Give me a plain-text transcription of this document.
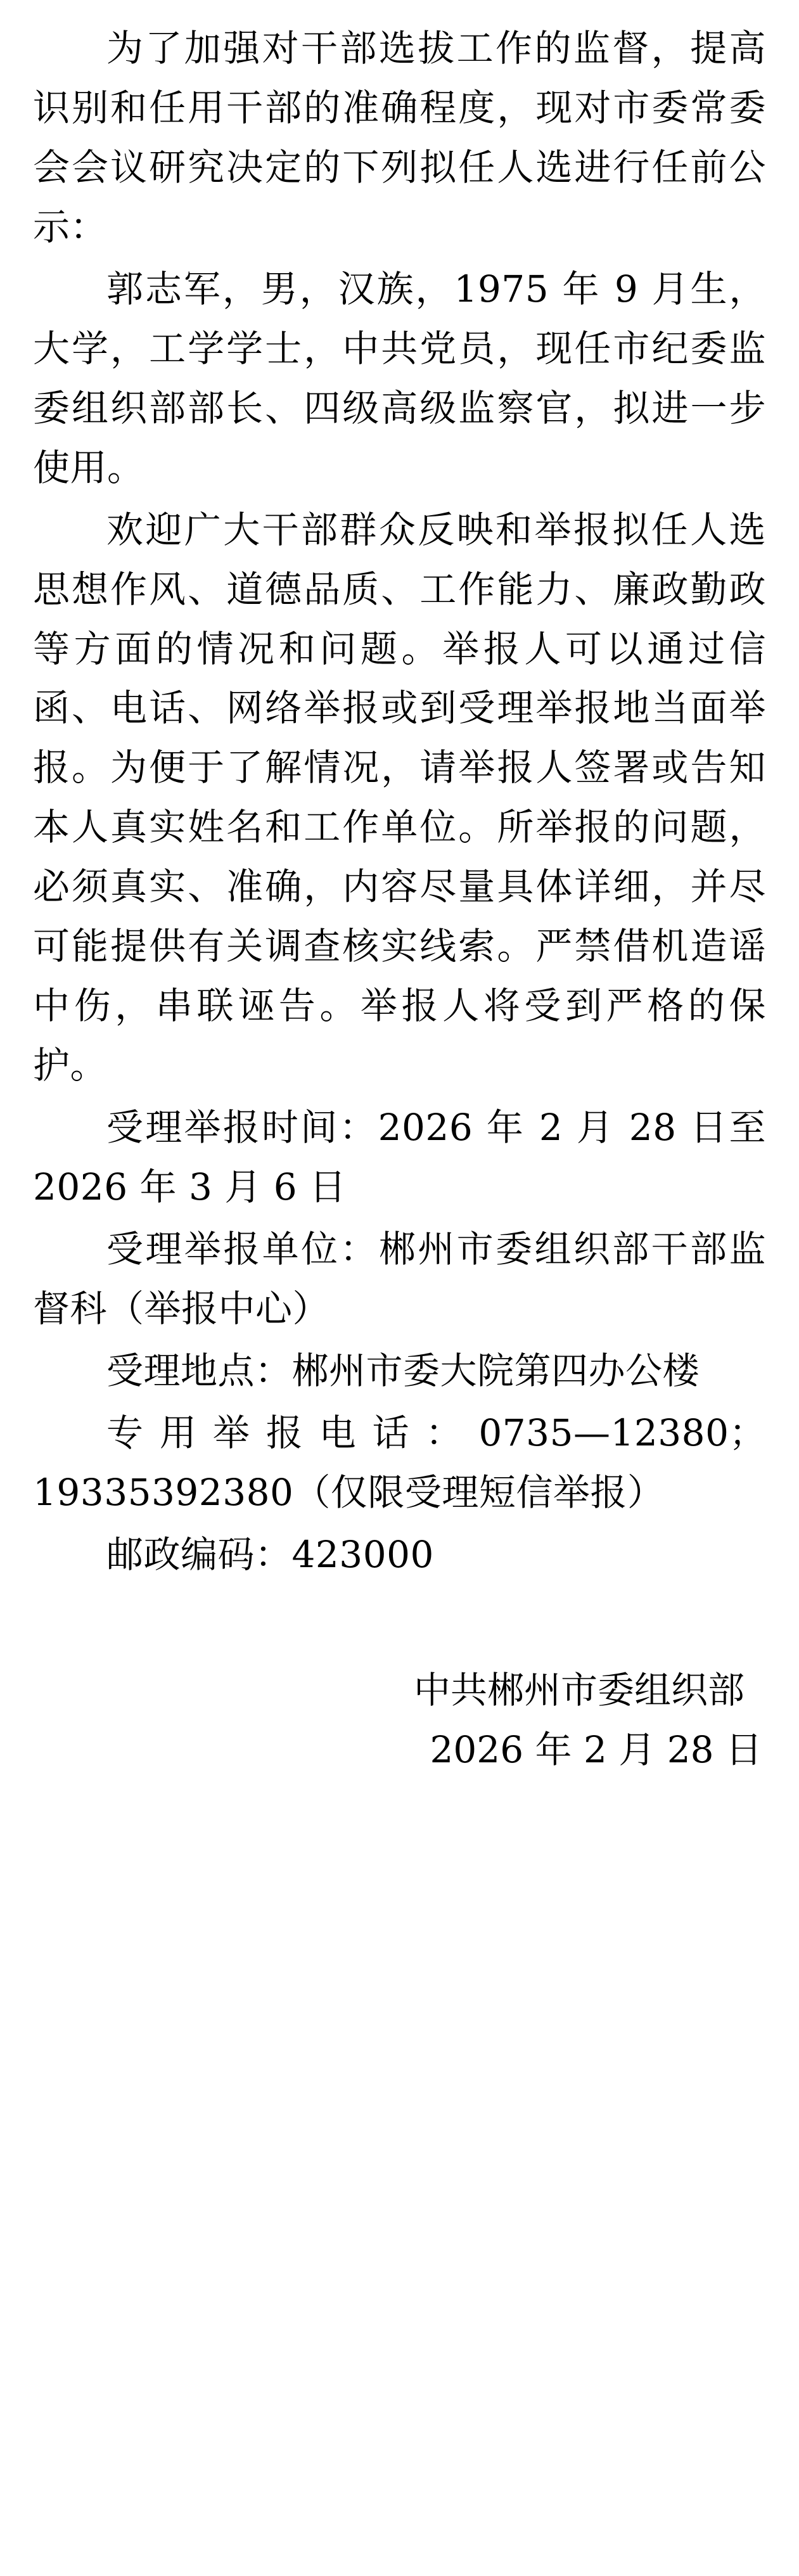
为了加强对干部选拔工作的监督，提高识别和任用干部的准确程度，现对市委常委会会议研究决定的下列拟任人选进行任前公示：

郭志军，男，汉族，1975 年 9 月生，大学，工学学士，中共党员，现任市纪委监委组织部部长、四级高级监察官，拟进一步使用。

欢迎广大干部群众反映和举报拟任人选思想作风、道德品质、工作能力、廉政勤政等方面的情况和问题。举报人可以通过信函、电话、网络举报或到受理举报地当面举报。为便于了解情况，请举报人签署或告知本人真实姓名和工作单位。所举报的问题，必须真实、准确，内容尽量具体详细，并尽可能提供有关调查核实线索。严禁借机造谣中伤，串联诬告。举报人将受到严格的保护。

受理举报时间：2026 年 2 月 28 日至 2026 年 3 月 6 日

受理举报单位：郴州市委组织部干部监督科（举报中心）

受理地点：郴州市委大院第四办公楼

专用举报电话：0735—12380；19335392380（仅限受理短信举报）

邮政编码：423000

中共郴州市委组织部
2026 年 2 月 28 日
